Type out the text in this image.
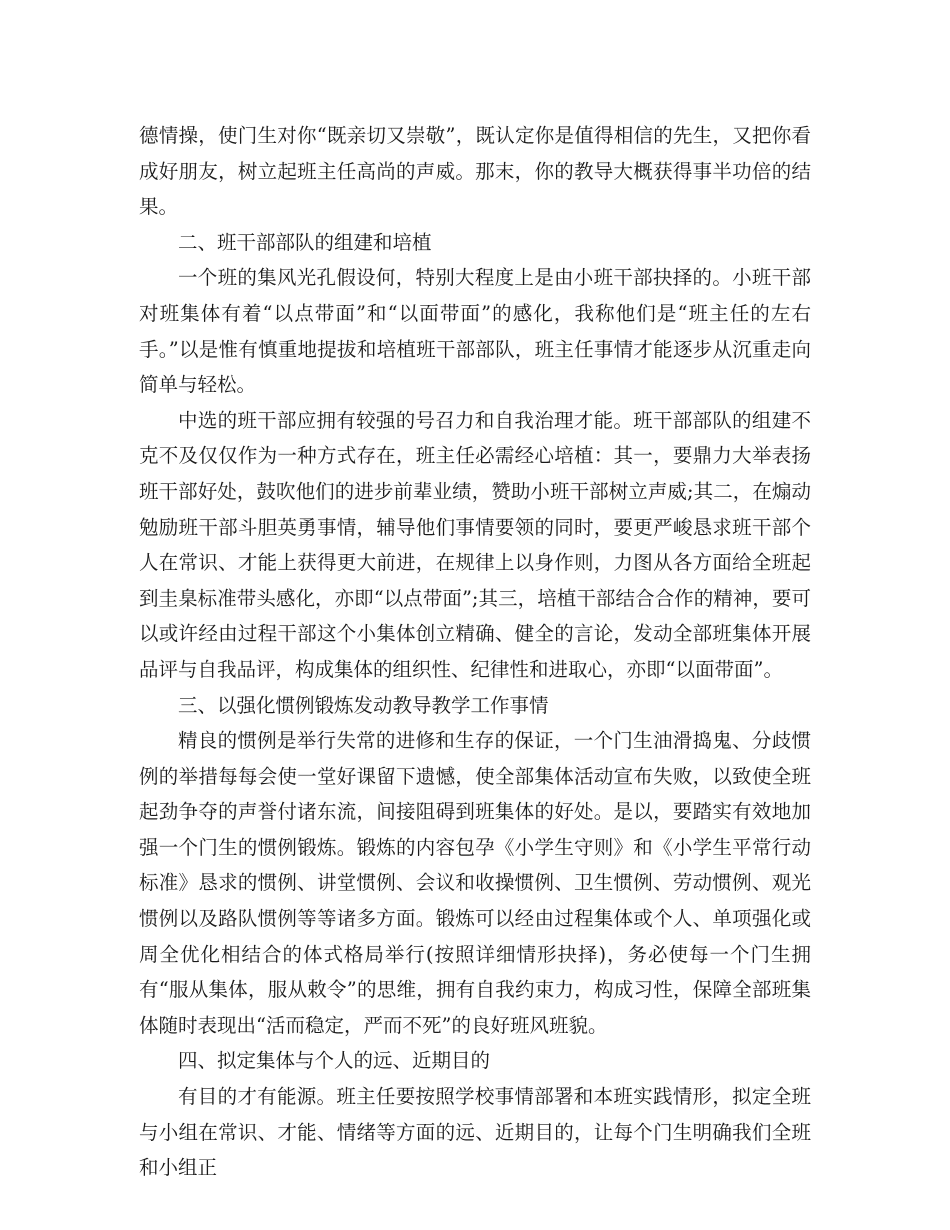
德情操，使门生对你“既亲切又崇敬”，既认定你是值得相信的先生，又把你看成好朋友，树立起班主任高尚的声威。那末，你的教导大概获得事半功倍的结果。

二、班干部部队的组建和培植

一个班的集风光孔假设何，特别大程度上是由小班干部抉择的。小班干部对班集体有着“以点带面”和“以面带面”的感化，我称他们是“班主任的左右手。”以是惟有慎重地提拔和培植班干部部队，班主任事情才能逐步从沉重走向简单与轻松。

中选的班干部应拥有较强的号召力和自我治理才能。班干部部队的组建不克不及仅仅作为一种方式存在，班主任必需经心培植：其一，要鼎力大举表扬班干部好处，鼓吹他们的进步前辈业绩，赞助小班干部树立声威;其二，在煽动勉励班干部斗胆英勇事情，辅导他们事情要领的同时，要更严峻恳求班干部个人在常识、才能上获得更大前进，在规律上以身作则，力图从各方面给全班起到圭臬标准带头感化，亦即“以点带面”;其三，培植干部结合合作的精神，要可以或许经由过程干部这个小集体创立精确、健全的言论，发动全部班集体开展品评与自我品评，构成集体的组织性、纪律性和进取心，亦即“以面带面”。

三、以强化惯例锻炼发动教导教学工作事情

精良的惯例是举行失常的进修和生存的保证，一个门生油滑捣鬼、分歧惯例的举措每每会使一堂好课留下遗憾，使全部集体活动宣布失败，以致使全班起劲争夺的声誉付诸东流，间接阻碍到班集体的好处。是以，要踏实有效地加强一个门生的惯例锻炼。锻炼的内容包孕《小学生守则》和《小学生平常行动标准》恳求的惯例、讲堂惯例、会议和收操惯例、卫生惯例、劳动惯例、观光惯例以及路队惯例等等诸多方面。锻炼可以经由过程集体或个人、单项强化或周全优化相结合的体式格局举行(按照详细情形抉择)，务必使每一个门生拥有“服从集体，服从敕令”的思维，拥有自我约束力，构成习性，保障全部班集体随时表现出“活而稳定，严而不死”的良好班风班貌。

四、拟定集体与个人的远、近期目的

有目的才有能源。班主任要按照学校事情部署和本班实践情形，拟定全班与小组在常识、才能、情绪等方面的远、近期目的，让每个门生明确我们全班和小组正
